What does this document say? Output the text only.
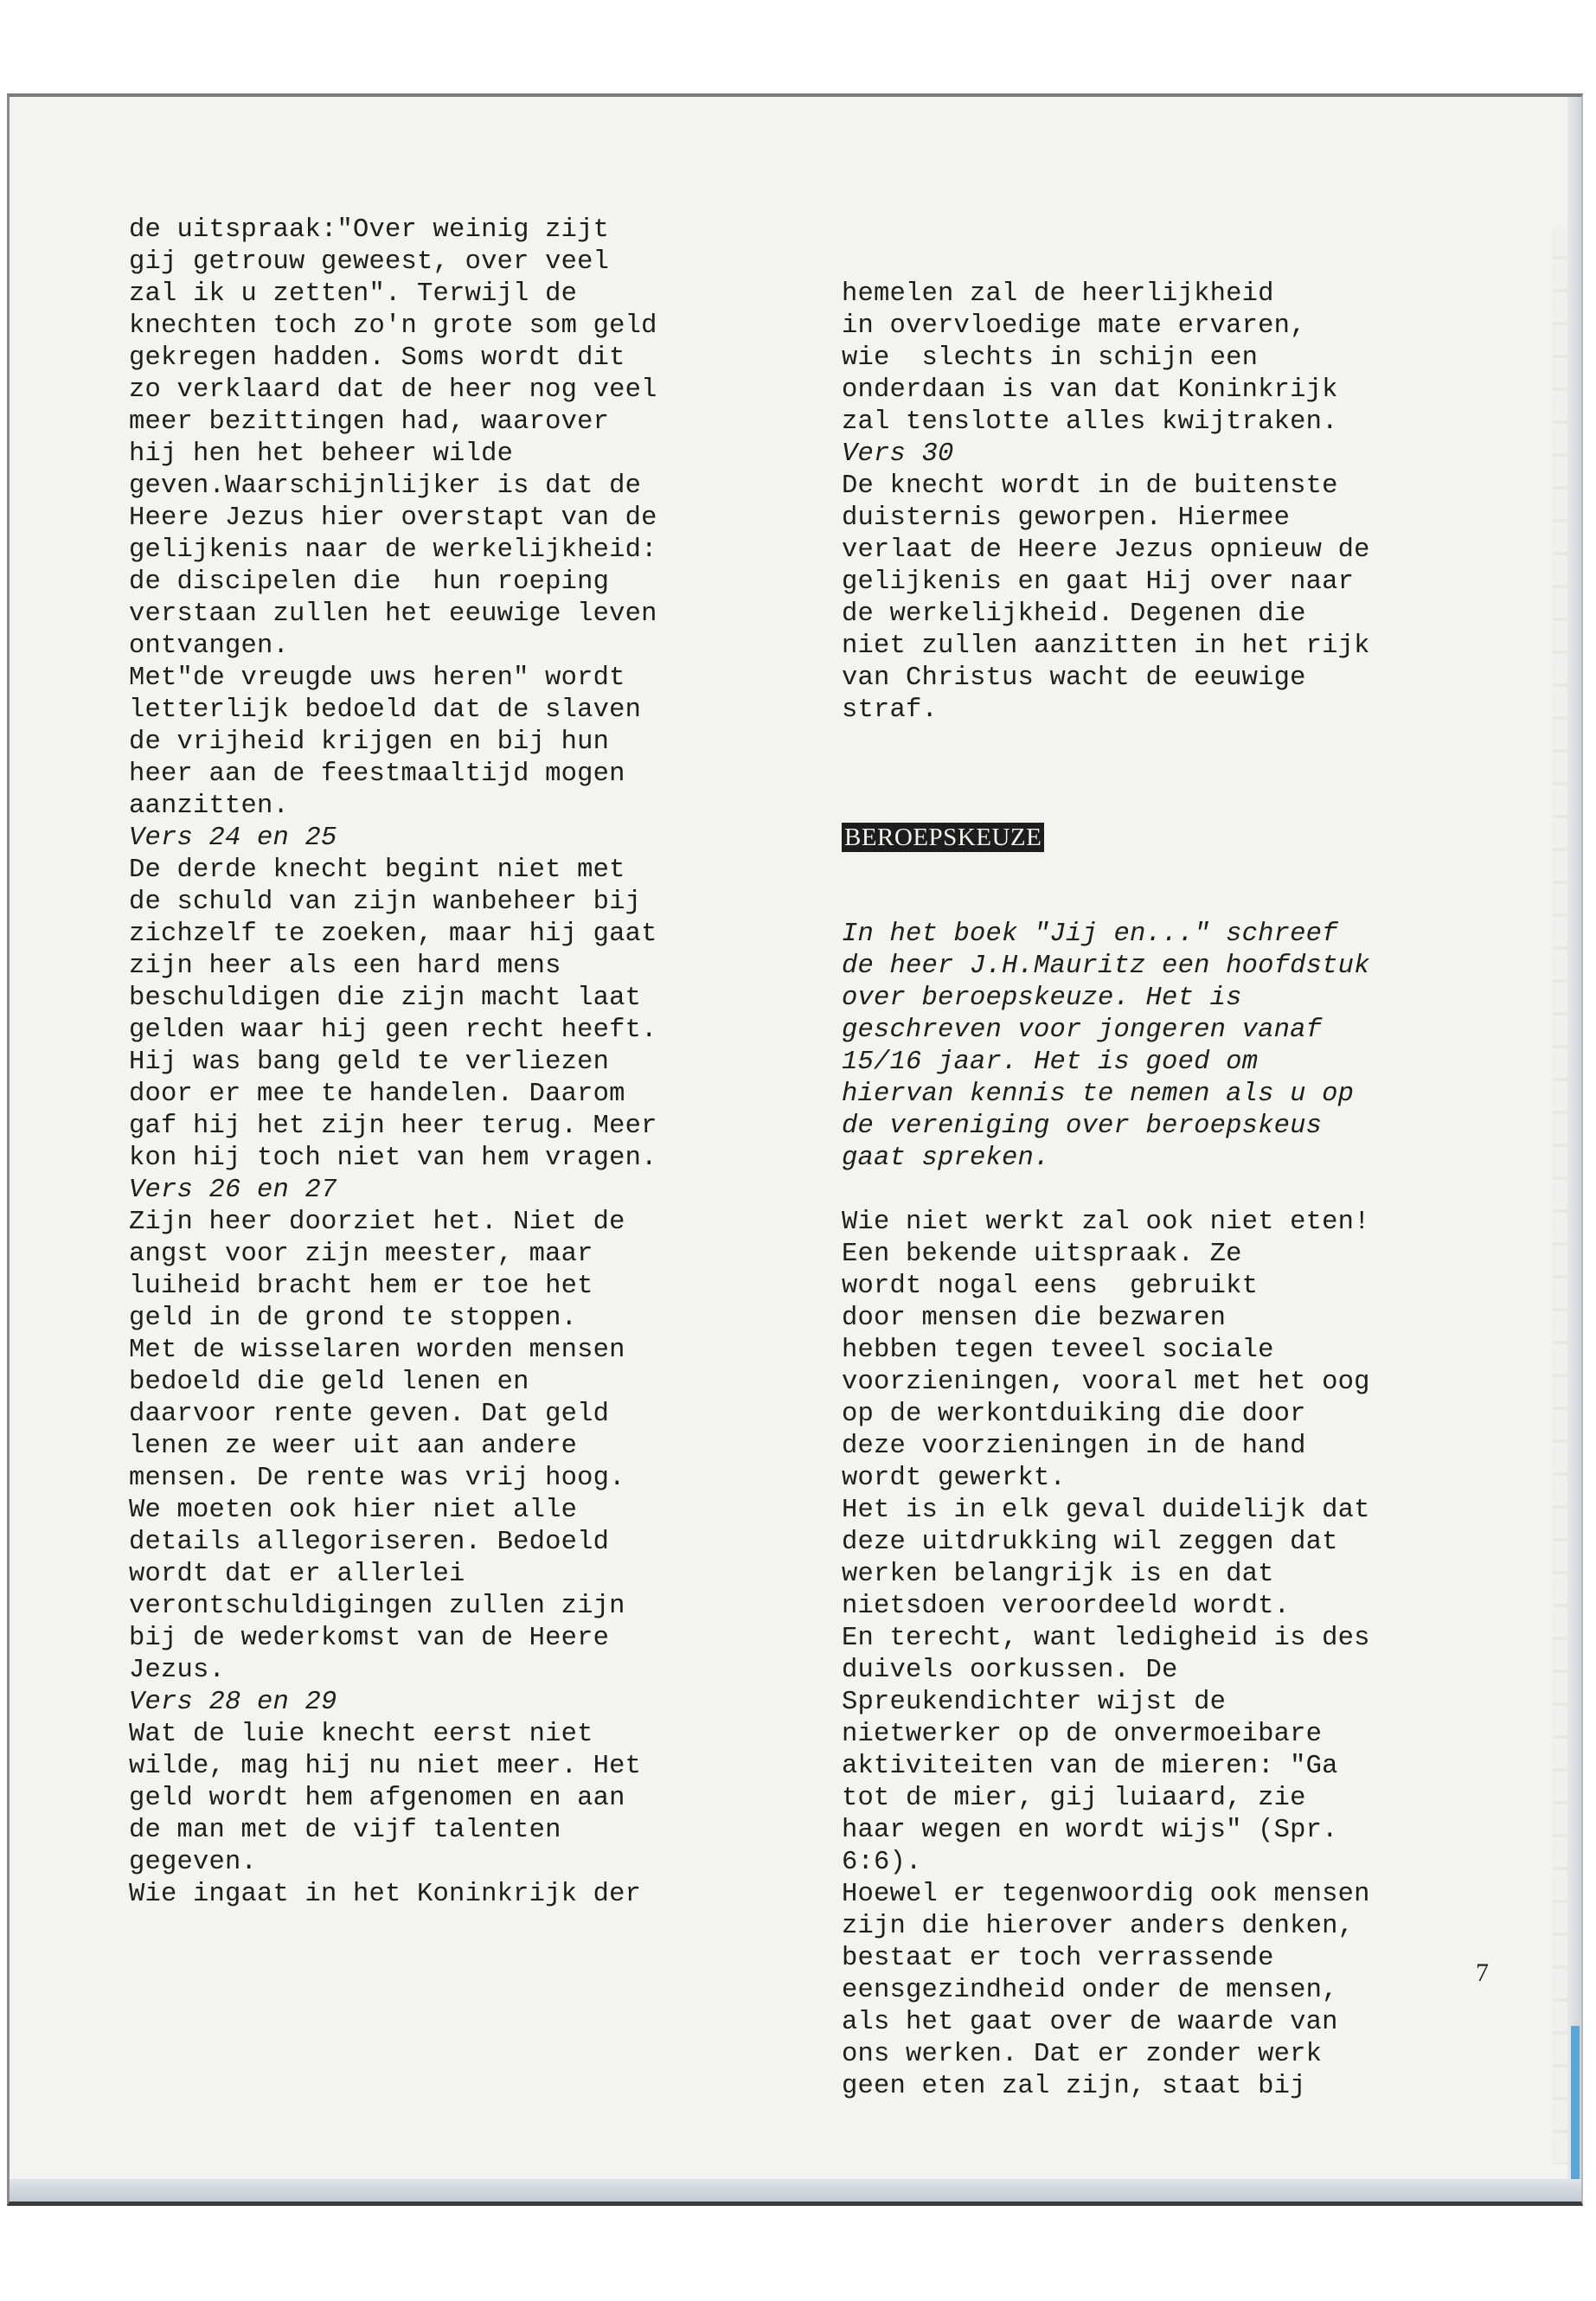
de uitspraak:"Over weinig zijt
gij getrouw geweest, over veel
zal ik u zetten". Terwijl de
knechten toch zo'n grote som geld
gekregen hadden. Soms wordt dit
zo verklaard dat de heer nog veel
meer bezittingen had, waarover
hij hen het beheer wilde
geven.Waarschijnlijker is dat de
Heere Jezus hier overstapt van de
gelijkenis naar de werkelijkheid:
de discipelen die  hun roeping
verstaan zullen het eeuwige leven
ontvangen.
Met"de vreugde uws heren" wordt
letterlijk bedoeld dat de slaven
de vrijheid krijgen en bij hun
heer aan de feestmaaltijd mogen
aanzitten.
Vers 24 en 25
De derde knecht begint niet met
de schuld van zijn wanbeheer bij
zichzelf te zoeken, maar hij gaat
zijn heer als een hard mens
beschuldigen die zijn macht laat
gelden waar hij geen recht heeft.
Hij was bang geld te verliezen
door er mee te handelen. Daarom
gaf hij het zijn heer terug. Meer
kon hij toch niet van hem vragen.
Vers 26 en 27
Zijn heer doorziet het. Niet de
angst voor zijn meester, maar
luiheid bracht hem er toe het
geld in de grond te stoppen.
Met de wisselaren worden mensen
bedoeld die geld lenen en
daarvoor rente geven. Dat geld
lenen ze weer uit aan andere
mensen. De rente was vrij hoog.
We moeten ook hier niet alle
details allegoriseren. Bedoeld
wordt dat er allerlei
verontschuldigingen zullen zijn
bij de wederkomst van de Heere
Jezus.
Vers 28 en 29
Wat de luie knecht eerst niet
wilde, mag hij nu niet meer. Het
geld wordt hem afgenomen en aan
de man met de vijf talenten
gegeven.
Wie ingaat in het Koninkrijk der

hemelen zal de heerlijkheid
in overvloedige mate ervaren,
wie  slechts in schijn een
onderdaan is van dat Koninkrijk
zal tenslotte alles kwijtraken.
Vers 30
De knecht wordt in de buitenste
duisternis geworpen. Hiermee
verlaat de Heere Jezus opnieuw de
gelijkenis en gaat Hij over naar
de werkelijkheid. Degenen die
niet zullen aanzitten in het rijk
van Christus wacht de eeuwige
straf.

BEROEPSKEUZE

In het boek "Jij en..." schreef
de heer J.H.Mauritz een hoofdstuk
over beroepskeuze. Het is
geschreven voor jongeren vanaf
15/16 jaar. Het is goed om
hiervan kennis te nemen als u op
de vereniging over beroepskeus
gaat spreken.
Wie niet werkt zal ook niet eten!
Een bekende uitspraak. Ze
wordt nogal eens  gebruikt
door mensen die bezwaren
hebben tegen teveel sociale
voorzieningen, vooral met het oog
op de werkontduiking die door
deze voorzieningen in de hand
wordt gewerkt.
Het is in elk geval duidelijk dat
deze uitdrukking wil zeggen dat
werken belangrijk is en dat
nietsdoen veroordeeld wordt.
En terecht, want ledigheid is des
duivels oorkussen. De
Spreukendichter wijst de
nietwerker op de onvermoeibare
aktiviteiten van de mieren: "Ga
tot de mier, gij luiaard, zie
haar wegen en wordt wijs" (Spr.
6:6).
Hoewel er tegenwoordig ook mensen
zijn die hierover anders denken,
bestaat er toch verrassende
eensgezindheid onder de mensen,
als het gaat over de waarde van
ons werken. Dat er zonder werk
geen eten zal zijn, staat bij

7
